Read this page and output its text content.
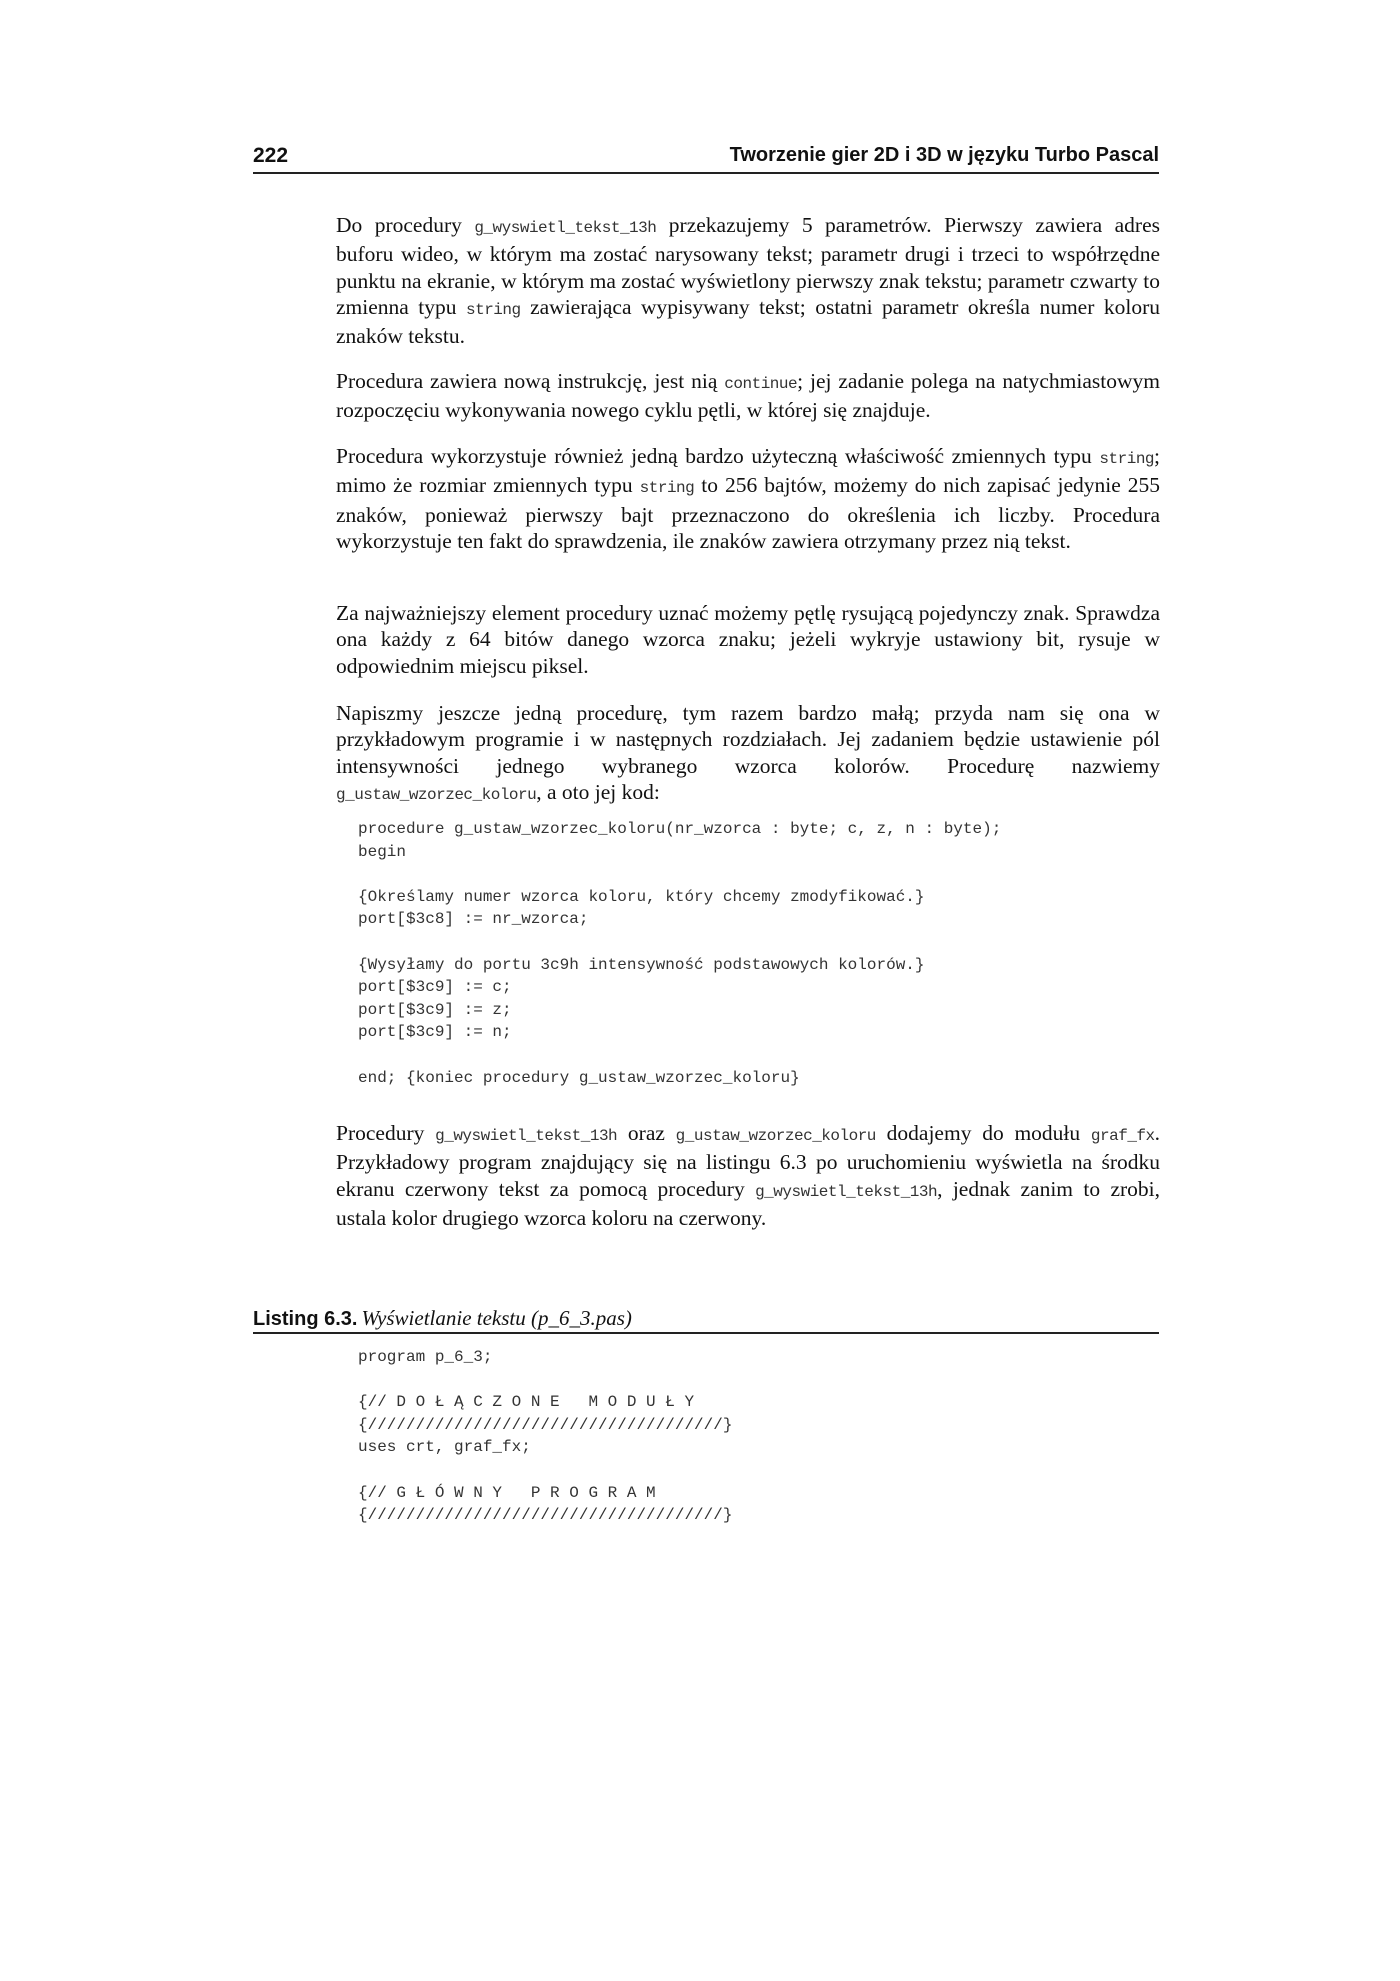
222	Tworzenie gier 2D i 3D w języku Turbo Pascal

Do procedury g_wyswietl_tekst_13h przekazujemy 5 parametrów. Pierwszy zawiera adres buforu wideo, w którym ma zostać narysowany tekst; parametr drugi i trzeci to współrzędne punktu na ekranie, w którym ma zostać wyświetlony pierwszy znak tekstu; parametr czwarty to zmienna typu string zawierająca wypisywany tekst; ostatni parametr określa numer koloru znaków tekstu.

Procedura zawiera nową instrukcję, jest nią continue; jej zadanie polega na natychmiastowym rozpoczęciu wykonywania nowego cyklu pętli, w której się znajduje.

Procedura wykorzystuje również jedną bardzo użyteczną właściwość zmiennych typu string; mimo że rozmiar zmiennych typu string to 256 bajtów, możemy do nich zapisać jedynie 255 znaków, ponieważ pierwszy bajt przeznaczono do określenia ich liczby. Procedura wykorzystuje ten fakt do sprawdzenia, ile znaków zawiera otrzymany przez nią tekst.

Za najważniejszy element procedury uznać możemy pętlę rysującą pojedynczy znak. Sprawdza ona każdy z 64 bitów danego wzorca znaku; jeżeli wykryje ustawiony bit, rysuje w odpowiednim miejscu piksel.

Napiszmy jeszcze jedną procedurę, tym razem bardzo małą; przyda nam się ona w przykładowym programie i w następnych rozdziałach. Jej zadaniem będzie ustawienie pól intensywności jednego wybranego wzorca kolorów. Procedurę nazwiemy g_ustaw_wzorzec_koloru, a oto jej kod:

procedure g_ustaw_wzorzec_koloru(nr_wzorca : byte; c, z, n : byte);
begin

{Określamy numer wzorca koloru, który chcemy zmodyfikować.}
port[$3c8] := nr_wzorca;

{Wysyłamy do portu 3c9h intensywność podstawowych kolorów.}
port[$3c9] := c;
port[$3c9] := z;
port[$3c9] := n;

end; {koniec procedury g_ustaw_wzorzec_koloru}

Procedury g_wyswietl_tekst_13h oraz g_ustaw_wzorzec_koloru dodajemy do modułu graf_fx. Przykładowy program znajdujący się na listingu 6.3 po uruchomieniu wyświetla na środku ekranu czerwony tekst za pomocą procedury g_wyswietl_tekst_13h, jednak zanim to zrobi, ustala kolor drugiego wzorca koloru na czerwony.

Listing 6.3. Wyświetlanie tekstu (p_6_3.pas)
program p_6_3;

{// D O Ł Ą C Z O N E   M O D U Ł Y
{/////////////////////////////////////}
uses crt, graf_fx;

{// G Ł Ó W N Y   P R O G R A M
{/////////////////////////////////////}
